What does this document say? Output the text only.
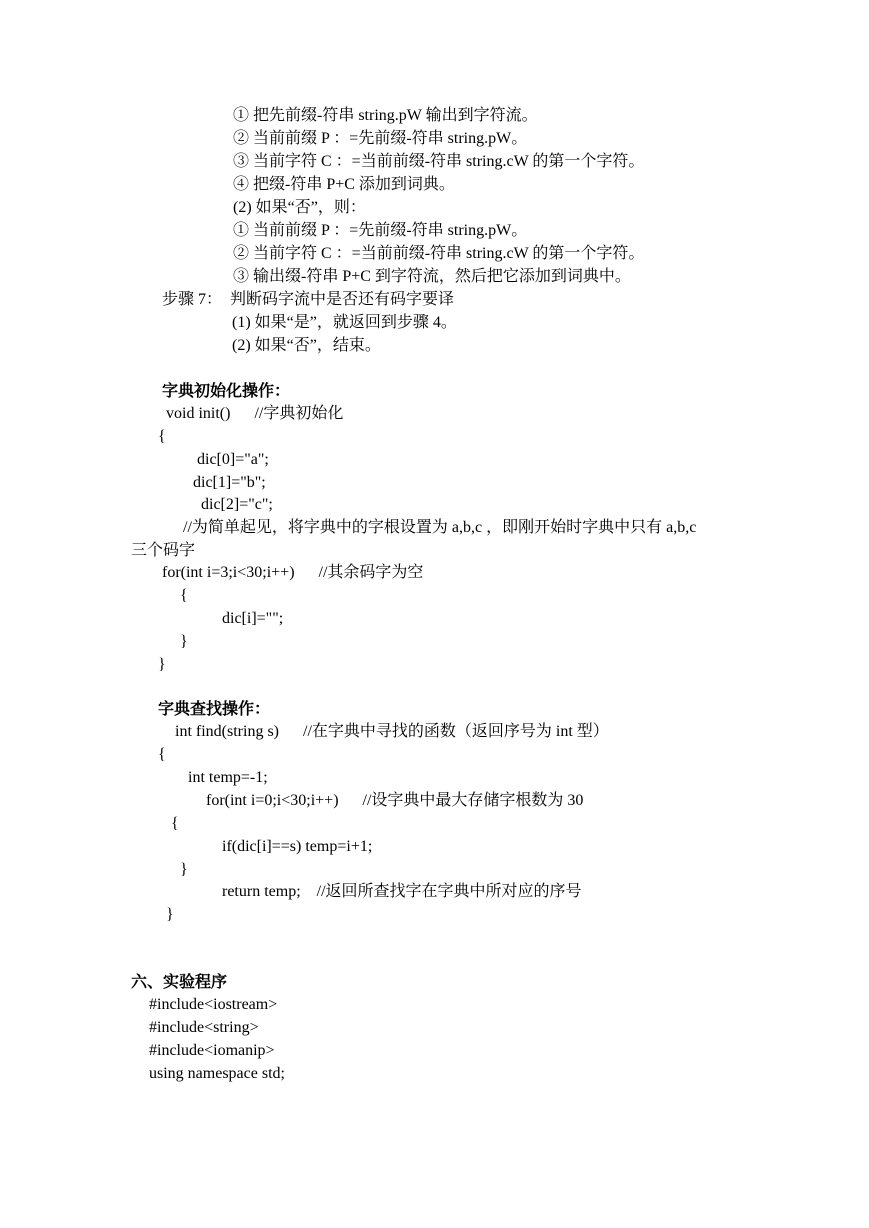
① 把先前缀-符串 string.pW 输出到字符流。
② 当前前缀 P ：=先前缀-符串 string.pW。
③ 当前字符 C ：=当前前缀-符串 string.cW 的第一个字符。
④ 把缀-符串 P+C 添加到词典。
(2) 如果“否”，则：
① 当前前缀 P ：=先前缀-符串 string.pW。
② 当前字符 C ：=当前前缀-符串 string.cW 的第一个字符。
③ 输出缀-符串 P+C 到字符流，然后把它添加到词典中。
步骤 7：  判断码字流中是否还有码字要译
(1) 如果“是”，就返回到步骤 4。
(2) 如果“否”，结束。
字典初始化操作：
void init()      //字典初始化
{
dic[0]="a";
dic[1]="b";
dic[2]="c";
//为简单起见，将字典中的字根设置为 a,b,c ，即刚开始时字典中只有 a,b,c
三个码字
for(int i=3;i<30;i++)      //其余码字为空
{
dic[i]="";
}
}
字典查找操作：
int find(string s)      //在字典中寻找的函数（返回序号为 int 型）
{
int temp=-1;
for(int i=0;i<30;i++)      //设字典中最大存储字根数为 30
{
if(dic[i]==s) temp=i+1;
}
return temp;    //返回所查找字在字典中所对应的序号
}
六、实验程序
#include<iostream>
#include<string>
#include<iomanip>
using namespace std;
